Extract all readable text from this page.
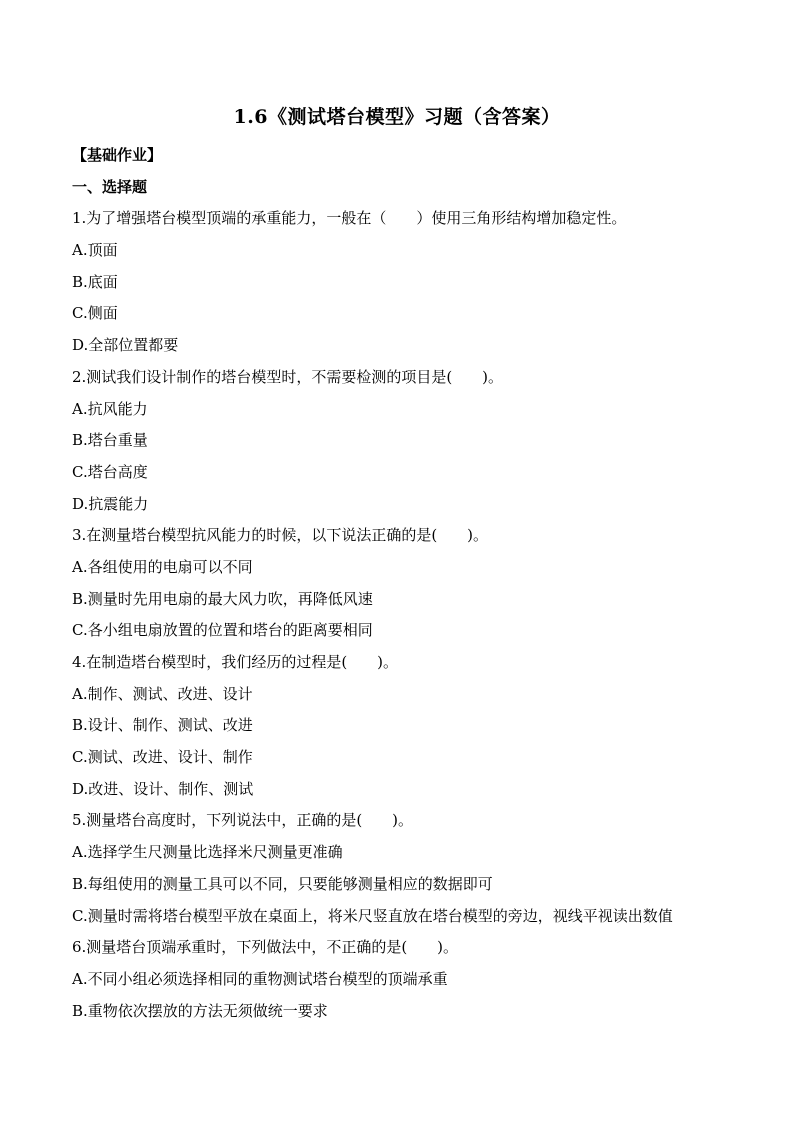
1.6《测试塔台模型》习题（含答案）
【基础作业】
一、选择题
1.为了增强塔台模型顶端的承重能力，一般在（　　）使用三角形结构增加稳定性。
A.顶面
B.底面
C.侧面
D.全部位置都要
2.测试我们设计制作的塔台模型时，不需要检测的项目是(　　)。
A.抗风能力
B.塔台重量
C.塔台高度
D.抗震能力
3.在测量塔台模型抗风能力的时候，以下说法正确的是(　　)。
A.各组使用的电扇可以不同
B.测量时先用电扇的最大风力吹，再降低风速
C.各小组电扇放置的位置和塔台的距离要相同
4.在制造塔台模型时，我们经历的过程是(　　)。
A.制作、测试、改进、设计
B.设计、制作、测试、改进
C.测试、改进、设计、制作
D.改进、设计、制作、测试
5.测量塔台高度时，下列说法中，正确的是(　　)。
A.选择学生尺测量比选择米尺测量更准确
B.每组使用的测量工具可以不同，只要能够测量相应的数据即可
C.测量时需将塔台模型平放在桌面上，将米尺竖直放在塔台模型的旁边，视线平视读出数值
6.测量塔台顶端承重时，下列做法中，不正确的是(　　)。
A.不同小组必须选择相同的重物测试塔台模型的顶端承重
B.重物依次摆放的方法无须做统一要求
